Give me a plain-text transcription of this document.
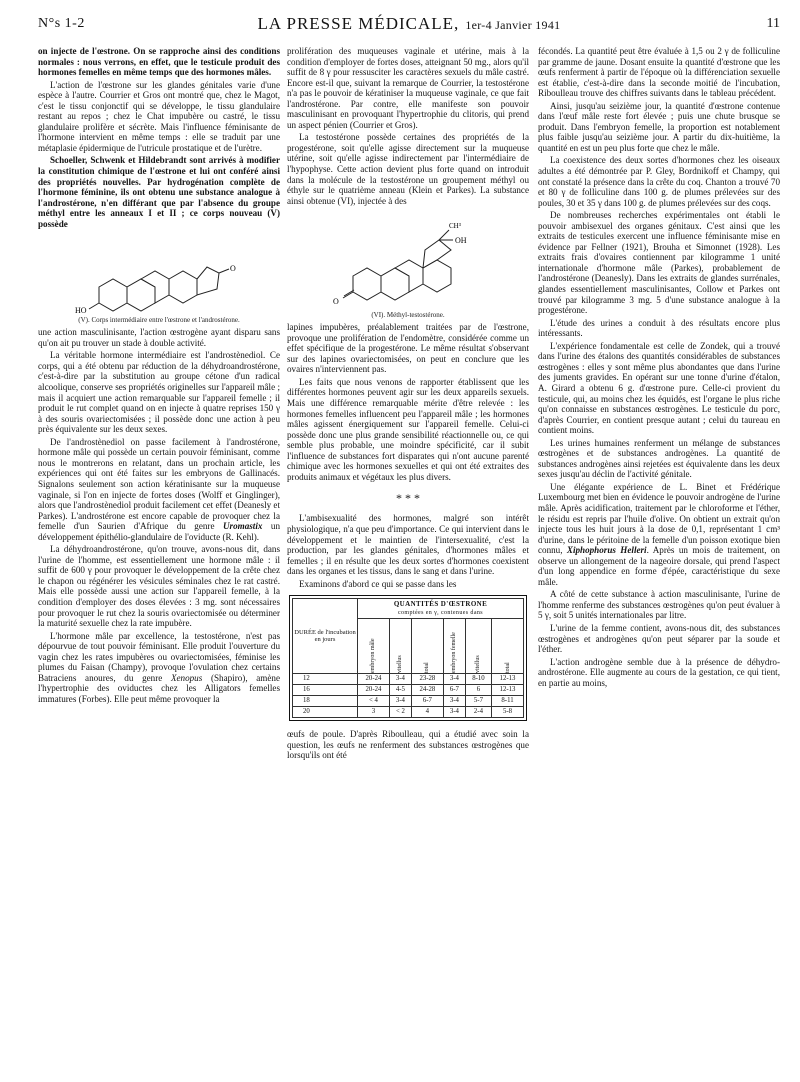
N°s 1-2	LA PRESSE MÉDICALE, 1er-4 Janvier 1941	11

on injecte de l'œstrone. On se rapproche ainsi des conditions normales : nous verrons, en effet, que le testicule produit des hormones femelles en même temps que des hormones mâles.

L'action de l'œstrone sur les glandes génitales varie d'une espèce à l'autre. Courrier et Gros ont montré que, chez le Magot, c'est le tissu conjonctif qui se développe, le tissu glandulaire restant au repos ; chez le Chat impubère ou castré, le tissu glandulaire prolifère et sécrète. Mais l'influence féminisante de l'hormone intervient en même temps : elle se traduit par une métaplasie épidermique de l'utricule prostatique et de l'urètre.

Schoeller, Schwenk et Hildebrandt sont arrivés à modifier la constitution chimique de l'œstrone et lui ont conféré ainsi des propriétés nouvelles. Par hydrogénation complète de l'hormone féminine, ils ont obtenu une substance analogue à l'androstérone, n'en différant que par l'absence du groupe méthyl entre les anneaux I et II ; ce corps nouveau (V) possède

HO
O
(V). Corps intermédiaire entre l'œstrone et l'androstérone.

une action masculinisante, l'action œstrogène ayant disparu sans qu'on ait pu trouver un stade à double activité.

La véritable hormone intermédiaire est l'androstènediol. Ce corps, qui a été obtenu par réduction de la déhydroandrostérone, c'est-à-dire par la substitution au groupe cétone d'un radical alcoolique, conserve ses propriétés originelles sur l'appareil mâle ; mais il acquiert une action remarquable sur l'appareil femelle ; il produit le rut complet quand on en injecte à quatre reprises 150 γ à des souris ovariectomisées ; il possède donc une action à peu près équivalente sur les deux sexes.

De l'androstènediol on passe facilement à l'androstérone, hormone mâle qui possède un certain pouvoir féminisant, comme nous le montrerons en relatant, dans un prochain article, les expériences qui ont été faites sur les embryons de Gallinacés. Signalons seulement son action kératinisante sur la muqueuse vaginale, si l'on en injecte de fortes doses (Wolff et Ginglinger), alors que l'androstènediol produit facilement cet effet (Deanesly et Parkes). L'androstérone est encore capable de provoquer chez la femelle d'un Saurien d'Afrique du genre Uromastix un développement épithélio-glandulaire de l'oviducte (R. Kehl).

La déhydroandrostérone, qu'on trouve, avons-nous dit, dans l'urine de l'homme, est essentiellement une hormone mâle : il suffit de 600 γ pour provoquer le développement de la crête chez le chapon ou régénérer les vésicules séminales chez le rat castré. Mais elle possède aussi une action sur l'appareil femelle, à la condition d'employer des doses élevées : 3 mg. sont nécessaires pour provoquer le rut chez la souris ovariectomisée ou déterminer la maturité sexuelle chez la rate impubère.

L'hormone mâle par excellence, la testostérone, n'est pas dépourvue de tout pouvoir féminisant. Elle produit l'ouverture du vagin chez les rates impubères ou ovariectomisées, féminise les plumes du Faisan (Champy), provoque l'ovulation chez certains Batraciens anoures, du genre Xenopus (Shapiro), amène l'hypertrophie des oviductes chez les Alligators femelles immatures (Forbes). Elle peut même provoquer la

prolifération des muqueuses vaginale et utérine, mais à la condition d'employer de fortes doses, atteignant 50 mg., alors qu'il suffit de 8 γ pour ressusciter les caractères sexuels du mâle castré. Encore est-il que, suivant la remarque de Courrier, la testostérone n'a pas le pouvoir de kératiniser la muqueuse vaginale, ce que fait l'androstérone. Par contre, elle manifeste son pouvoir masculinisant en provoquant l'hypertrophie du clitoris, qui prend un aspect pénien (Courrier et Gros).

La testostérone possède certaines des propriétés de la progestérone, soit qu'elle agisse directement sur la muqueuse utérine, soit qu'elle agisse indirectement par l'intermédiaire de l'hypophyse. Cette action devient plus forte quand on introduit dans la molécule de la testostérone un groupement méthyl ou éthyle sur le quatrième anneau (Klein et Parkes). La substance ainsi obtenue (VI), injectée à des

O
OH
CH³
(VI). Méthyl-testostérone.

lapines impubères, préalablement traitées par de l'œstrone, provoque une prolifération de l'endomètre, considérée comme un effet spécifique de la progestérone. Le même résultat s'observant sur des lapines ovariectomisées, on peut en conclure que les ovaires n'interviennent pas.

Les faits que nous venons de rapporter établissent que les différentes hormones peuvent agir sur les deux appareils sexuels. Mais une différence remarquable mérite d'être relevée : les hormones femelles influencent peu l'appareil mâle ; les hormones mâles agissent énergiquement sur l'appareil femelle. Celui-ci possède donc une plus grande sensibilité réactionnelle ou, ce qui semble plus probable, une moindre spécificité, car il subit l'influence de substances fort disparates qui n'ont aucune parenté chimique avec les hormones sexuelles et qui ont été extraites des produits animaux et végétaux les plus divers.

* * *

L'ambisexualité des hormones, malgré son intérêt physiologique, n'a que peu d'importance. Ce qui intervient dans le développement et le maintien de l'intersexualité, c'est la production, par les glandes génitales, d'hormones mâles et femelles ; il en résulte que les deux sortes d'hormones coexistent dans les organes et les tissus, dans le sang et dans l'urine.

Examinons d'abord ce qui se passe dans les

DURÉE de l'incubation en jours	QUANTITÉS D'ŒSTRONE
comptées en γ, contenues dans					
	embryon mâle	vitellus	total	embryon femelle	vitellus	total
12	20-24	3-4	23-28	3-4	8-10	12-13
16	20-24	4-5	24-28	6-7	6	12-13
18	< 4	3-4	6-7	3-4	5-7	8-11
20	3	< 2	4	3-4	2-4	5-8

œufs de poule. D'après Riboulleau, qui a étudié avec soin la question, les œufs ne renferment des substances œstrogènes que lorsqu'ils ont été

fécondés. La quantité peut être évaluée à 1,5 ou 2 γ de folliculine par gramme de jaune. Dosant ensuite la quantité d'œstrone que les œufs renferment à partir de l'époque où la différenciation sexuelle est établie, c'est-à-dire dans la seconde moitié de l'incubation, Riboulleau trouve des chiffres suivants dans le tableau précédent.

Ainsi, jusqu'au seizième jour, la quantité d'œstrone contenue dans l'œuf mâle reste fort élevée ; puis une chute brusque se produit. Dans l'embryon femelle, la proportion est notablement plus faible jusqu'au seizième jour. A partir du dix-huitième, la quantité en est un peu plus forte que chez le mâle.

La coexistence des deux sortes d'hormones chez les oiseaux adultes a été démontrée par P. Gley, Bordnikoff et Champy, qui ont constaté la présence dans la crête du coq. Chanton a trouvé 70 et 80 γ de folliculine dans 100 g. de plumes prélevées sur des poules, 30 et 35 γ dans 100 g. de plumes prélevées sur des coqs.

De nombreuses recherches expérimentales ont établi le pouvoir ambisexuel des organes génitaux. C'est ainsi que les extraits de testicules exercent une influence féminisante mise en évidence par Fellner (1921), Brouha et Simonnet (1928). Les extraits frais d'ovaires contiennent par kilogramme 1 unité internationale d'hormone mâle (Parkes), probablement de l'androstérone (Deanesly). Dans les extraits de glandes surrénales, glandes essentiellement masculinisantes, Collow et Parkes ont trouvé par kilogramme 3 mg. 5 d'une substance analogue à la progestérone.

L'étude des urines a conduit à des résultats encore plus intéressants.

L'expérience fondamentale est celle de Zondek, qui a trouvé dans l'urine des étalons des quantités considérables de substances œstrogènes : elles y sont même plus abondantes que dans l'urine des juments gravides. En opérant sur une tonne d'urine d'étalon, A. Girard a obtenu 6 g. d'œstrone pure. Celle-ci provient du testicule, qui, au moins chez les équidés, est l'organe le plus riche qu'on connaisse en substances œstrogènes. Le testicule du porc, d'après Courrier, en contient presque autant ; celui du taureau en contient moins.

Les urines humaines renferment un mélange de substances œstrogènes et de substances androgènes. La quantité de substances androgènes ainsi rejetées est équivalente dans les deux sexes jusqu'au déclin de l'activité génitale.

Une élégante expérience de L. Binet et Frédérique Luxembourg met bien en évidence le pouvoir androgène de l'urine mâle. Après acidification, traitement par le chloroforme et l'éther, le résidu est repris par l'huile d'olive. On obtient un extrait qu'on injecte tous les huit jours à la dose de 0,1, représentant 1 cm³ d'urine, dans le péritoine de la femelle d'un poisson exotique bien connu, Xiphophorus Helleri. Après un mois de traitement, on observe un allongement de la nageoire dorsale, qui prend l'aspect d'un long appendice en forme d'épée, caractéristique du sexe mâle.

A côté de cette substance à action masculinisante, l'urine de l'homme renferme des substances œstrogènes qu'on peut évaluer à 5 γ, soit 5 unités internationales par litre.

L'urine de la femme contient, avons-nous dit, des substances œstrogènes et androgènes qu'on peut séparer par la soude et l'éther.

L'action androgène semble due à la présence de déhydro-androstérone. Elle augmente au cours de la gestation, ce qui tient, en partie au moins,
